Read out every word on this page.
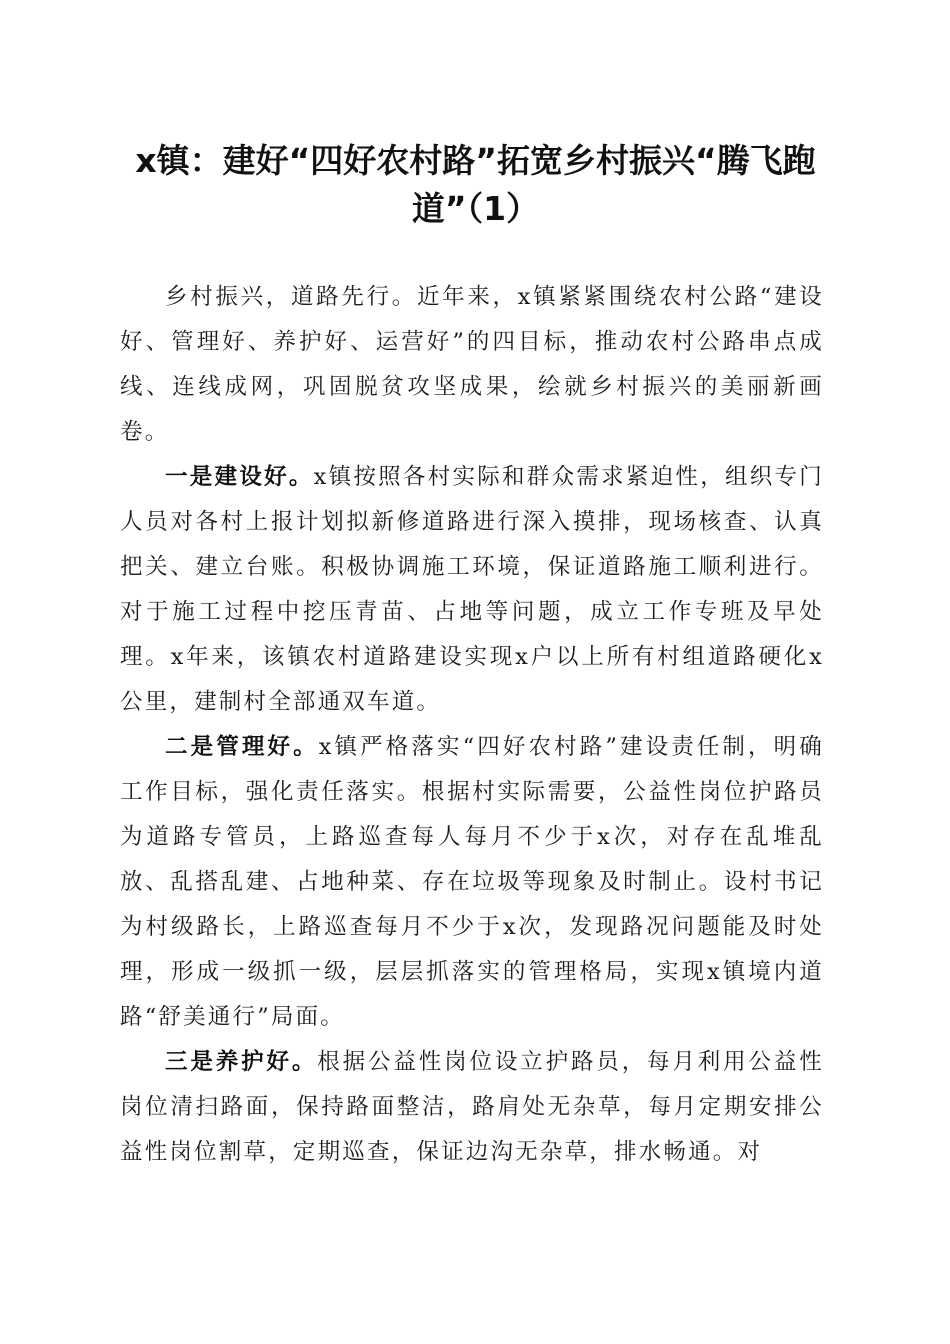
x镇：建好“四好农村路”拓宽乡村振兴“腾飞跑道”（1）

乡村振兴，道路先行。近年来，x镇紧紧围绕农村公路“建设好、管理好、养护好、运营好”的四目标，推动农村公路串点成线、连线成网，巩固脱贫攻坚成果，绘就乡村振兴的美丽新画卷。

一是建设好。x镇按照各村实际和群众需求紧迫性，组织专门人员对各村上报计划拟新修道路进行深入摸排，现场核查、认真把关、建立台账。积极协调施工环境，保证道路施工顺利进行。对于施工过程中挖压青苗、占地等问题，成立工作专班及早处理。x年来，该镇农村道路建设实现x户以上所有村组道路硬化x公里，建制村全部通双车道。

二是管理好。x镇严格落实“四好农村路”建设责任制，明确工作目标，强化责任落实。根据村实际需要，公益性岗位护路员为道路专管员，上路巡查每人每月不少于x次，对存在乱堆乱放、乱搭乱建、占地种菜、存在垃圾等现象及时制止。设村书记为村级路长，上路巡查每月不少于x次，发现路况问题能及时处理，形成一级抓一级，层层抓落实的管理格局，实现x镇境内道路“舒美通行”局面。

三是养护好。根据公益性岗位设立护路员，每月利用公益性岗位清扫路面，保持路面整洁，路肩处无杂草，每月定期安排公益性岗位割草，定期巡查，保证边沟无杂草，排水畅通。对
